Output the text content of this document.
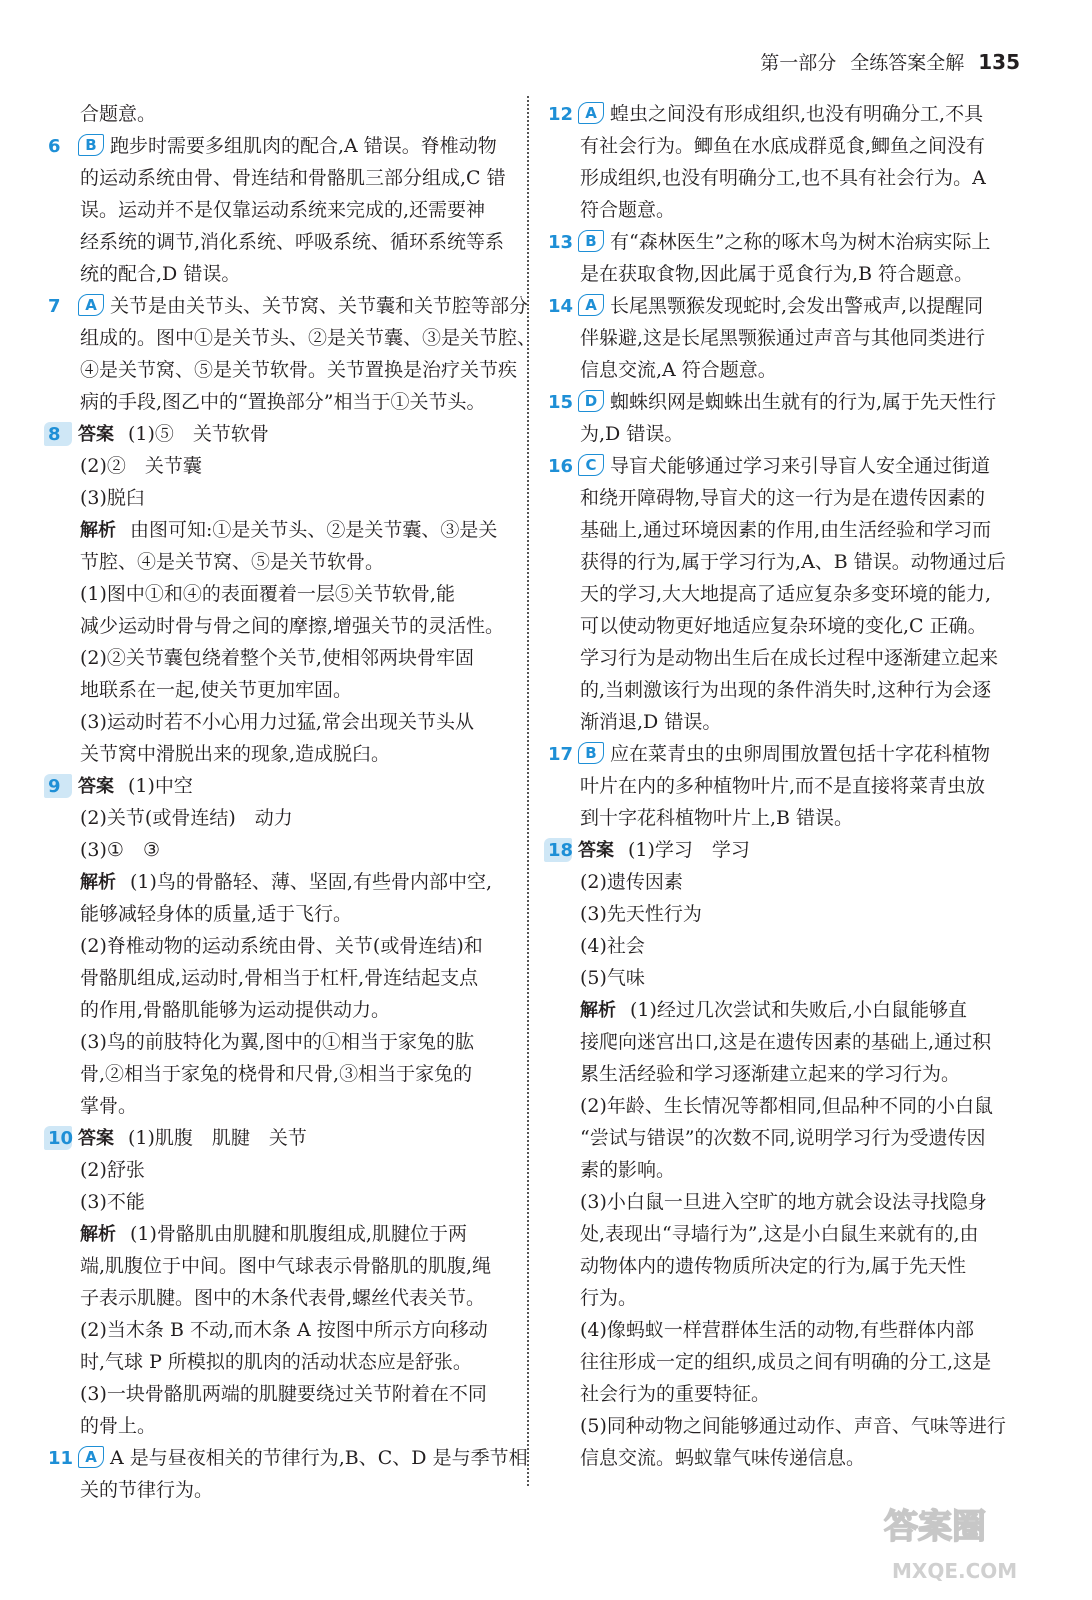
第一部分 全练答案全解 135
合题意。
6 B 跑步时需要多组肌肉的配合,A 错误。脊椎动物
的运动系统由骨、骨连结和骨骼肌三部分组成,C 错
误。运动并不是仅靠运动系统来完成的,还需要神
经系统的调节,消化系统、呼吸系统、循环系统等系
统的配合,D 错误。
7 A 关节是由关节头、关节窝、关节囊和关节腔等部分
组成的。图中①是关节头、②是关节囊、③是关节腔、
④是关节窝、⑤是关节软骨。关节置换是治疗关节疾
病的手段,图乙中的“置换部分”相当于①关节头。
8 答案 (1)⑤　关节软骨
(2)②　关节囊
(3)脱臼
解析 由图可知:①是关节头、②是关节囊、③是关
节腔、④是关节窝、⑤是关节软骨。
(1)图中①和④的表面覆着一层⑤关节软骨,能
减少运动时骨与骨之间的摩擦,增强关节的灵活性。
(2)②关节囊包绕着整个关节,使相邻两块骨牢固
地联系在一起,使关节更加牢固。
(3)运动时若不小心用力过猛,常会出现关节头从
关节窝中滑脱出来的现象,造成脱臼。
9 答案 (1)中空
(2)关节(或骨连结)　动力
(3)①　③
解析 (1)鸟的骨骼轻、薄、坚固,有些骨内部中空,
能够减轻身体的质量,适于飞行。
(2)脊椎动物的运动系统由骨、关节(或骨连结)和
骨骼肌组成,运动时,骨相当于杠杆,骨连结起支点
的作用,骨骼肌能够为运动提供动力。
(3)鸟的前肢特化为翼,图中的①相当于家兔的肱
骨,②相当于家兔的桡骨和尺骨,③相当于家兔的
掌骨。
10 答案 (1)肌腹　肌腱　关节
(2)舒张
(3)不能
解析 (1)骨骼肌由肌腱和肌腹组成,肌腱位于两
端,肌腹位于中间。图中气球表示骨骼肌的肌腹,绳
子表示肌腱。图中的木条代表骨,螺丝代表关节。
(2)当木条 B 不动,而木条 A 按图中所示方向移动
时,气球 P 所模拟的肌肉的活动状态应是舒张。
(3)一块骨骼肌两端的肌腱要绕过关节附着在不同
的骨上。
11 A A 是与昼夜相关的节律行为,B、C、D 是与季节相
关的节律行为。
12 A 蝗虫之间没有形成组织,也没有明确分工,不具
有社会行为。鲫鱼在水底成群觅食,鲫鱼之间没有
形成组织,也没有明确分工,也不具有社会行为。A
符合题意。
13 B 有“森林医生”之称的啄木鸟为树木治病实际上
是在获取食物,因此属于觅食行为,B 符合题意。
14 A 长尾黑颚猴发现蛇时,会发出警戒声,以提醒同
伴躲避,这是长尾黑颚猴通过声音与其他同类进行
信息交流,A 符合题意。
15 D 蜘蛛织网是蜘蛛出生就有的行为,属于先天性行
为,D 错误。
16 C 导盲犬能够通过学习来引导盲人安全通过街道
和绕开障碍物,导盲犬的这一行为是在遗传因素的
基础上,通过环境因素的作用,由生活经验和学习而
获得的行为,属于学习行为,A、B 错误。动物通过后
天的学习,大大地提高了适应复杂多变环境的能力,
可以使动物更好地适应复杂环境的变化,C 正确。
学习行为是动物出生后在成长过程中逐渐建立起来
的,当刺激该行为出现的条件消失时,这种行为会逐
渐消退,D 错误。
17 B 应在菜青虫的虫卵周围放置包括十字花科植物
叶片在内的多种植物叶片,而不是直接将菜青虫放
到十字花科植物叶片上,B 错误。
18 答案 (1)学习　学习
(2)遗传因素
(3)先天性行为
(4)社会
(5)气味
解析 (1)经过几次尝试和失败后,小白鼠能够直
接爬向迷宫出口,这是在遗传因素的基础上,通过积
累生活经验和学习逐渐建立起来的学习行为。
(2)年龄、生长情况等都相同,但品种不同的小白鼠
“尝试与错误”的次数不同,说明学习行为受遗传因
素的影响。
(3)小白鼠一旦进入空旷的地方就会设法寻找隐身
处,表现出“寻墙行为”,这是小白鼠生来就有的,由
动物体内的遗传物质所决定的行为,属于先天性
行为。
(4)像蚂蚁一样营群体生活的动物,有些群体内部
往往形成一定的组织,成员之间有明确的分工,这是
社会行为的重要特征。
(5)同种动物之间能够通过动作、声音、气味等进行
信息交流。蚂蚁靠气味传递信息。
答案圈
MXQE.COM
